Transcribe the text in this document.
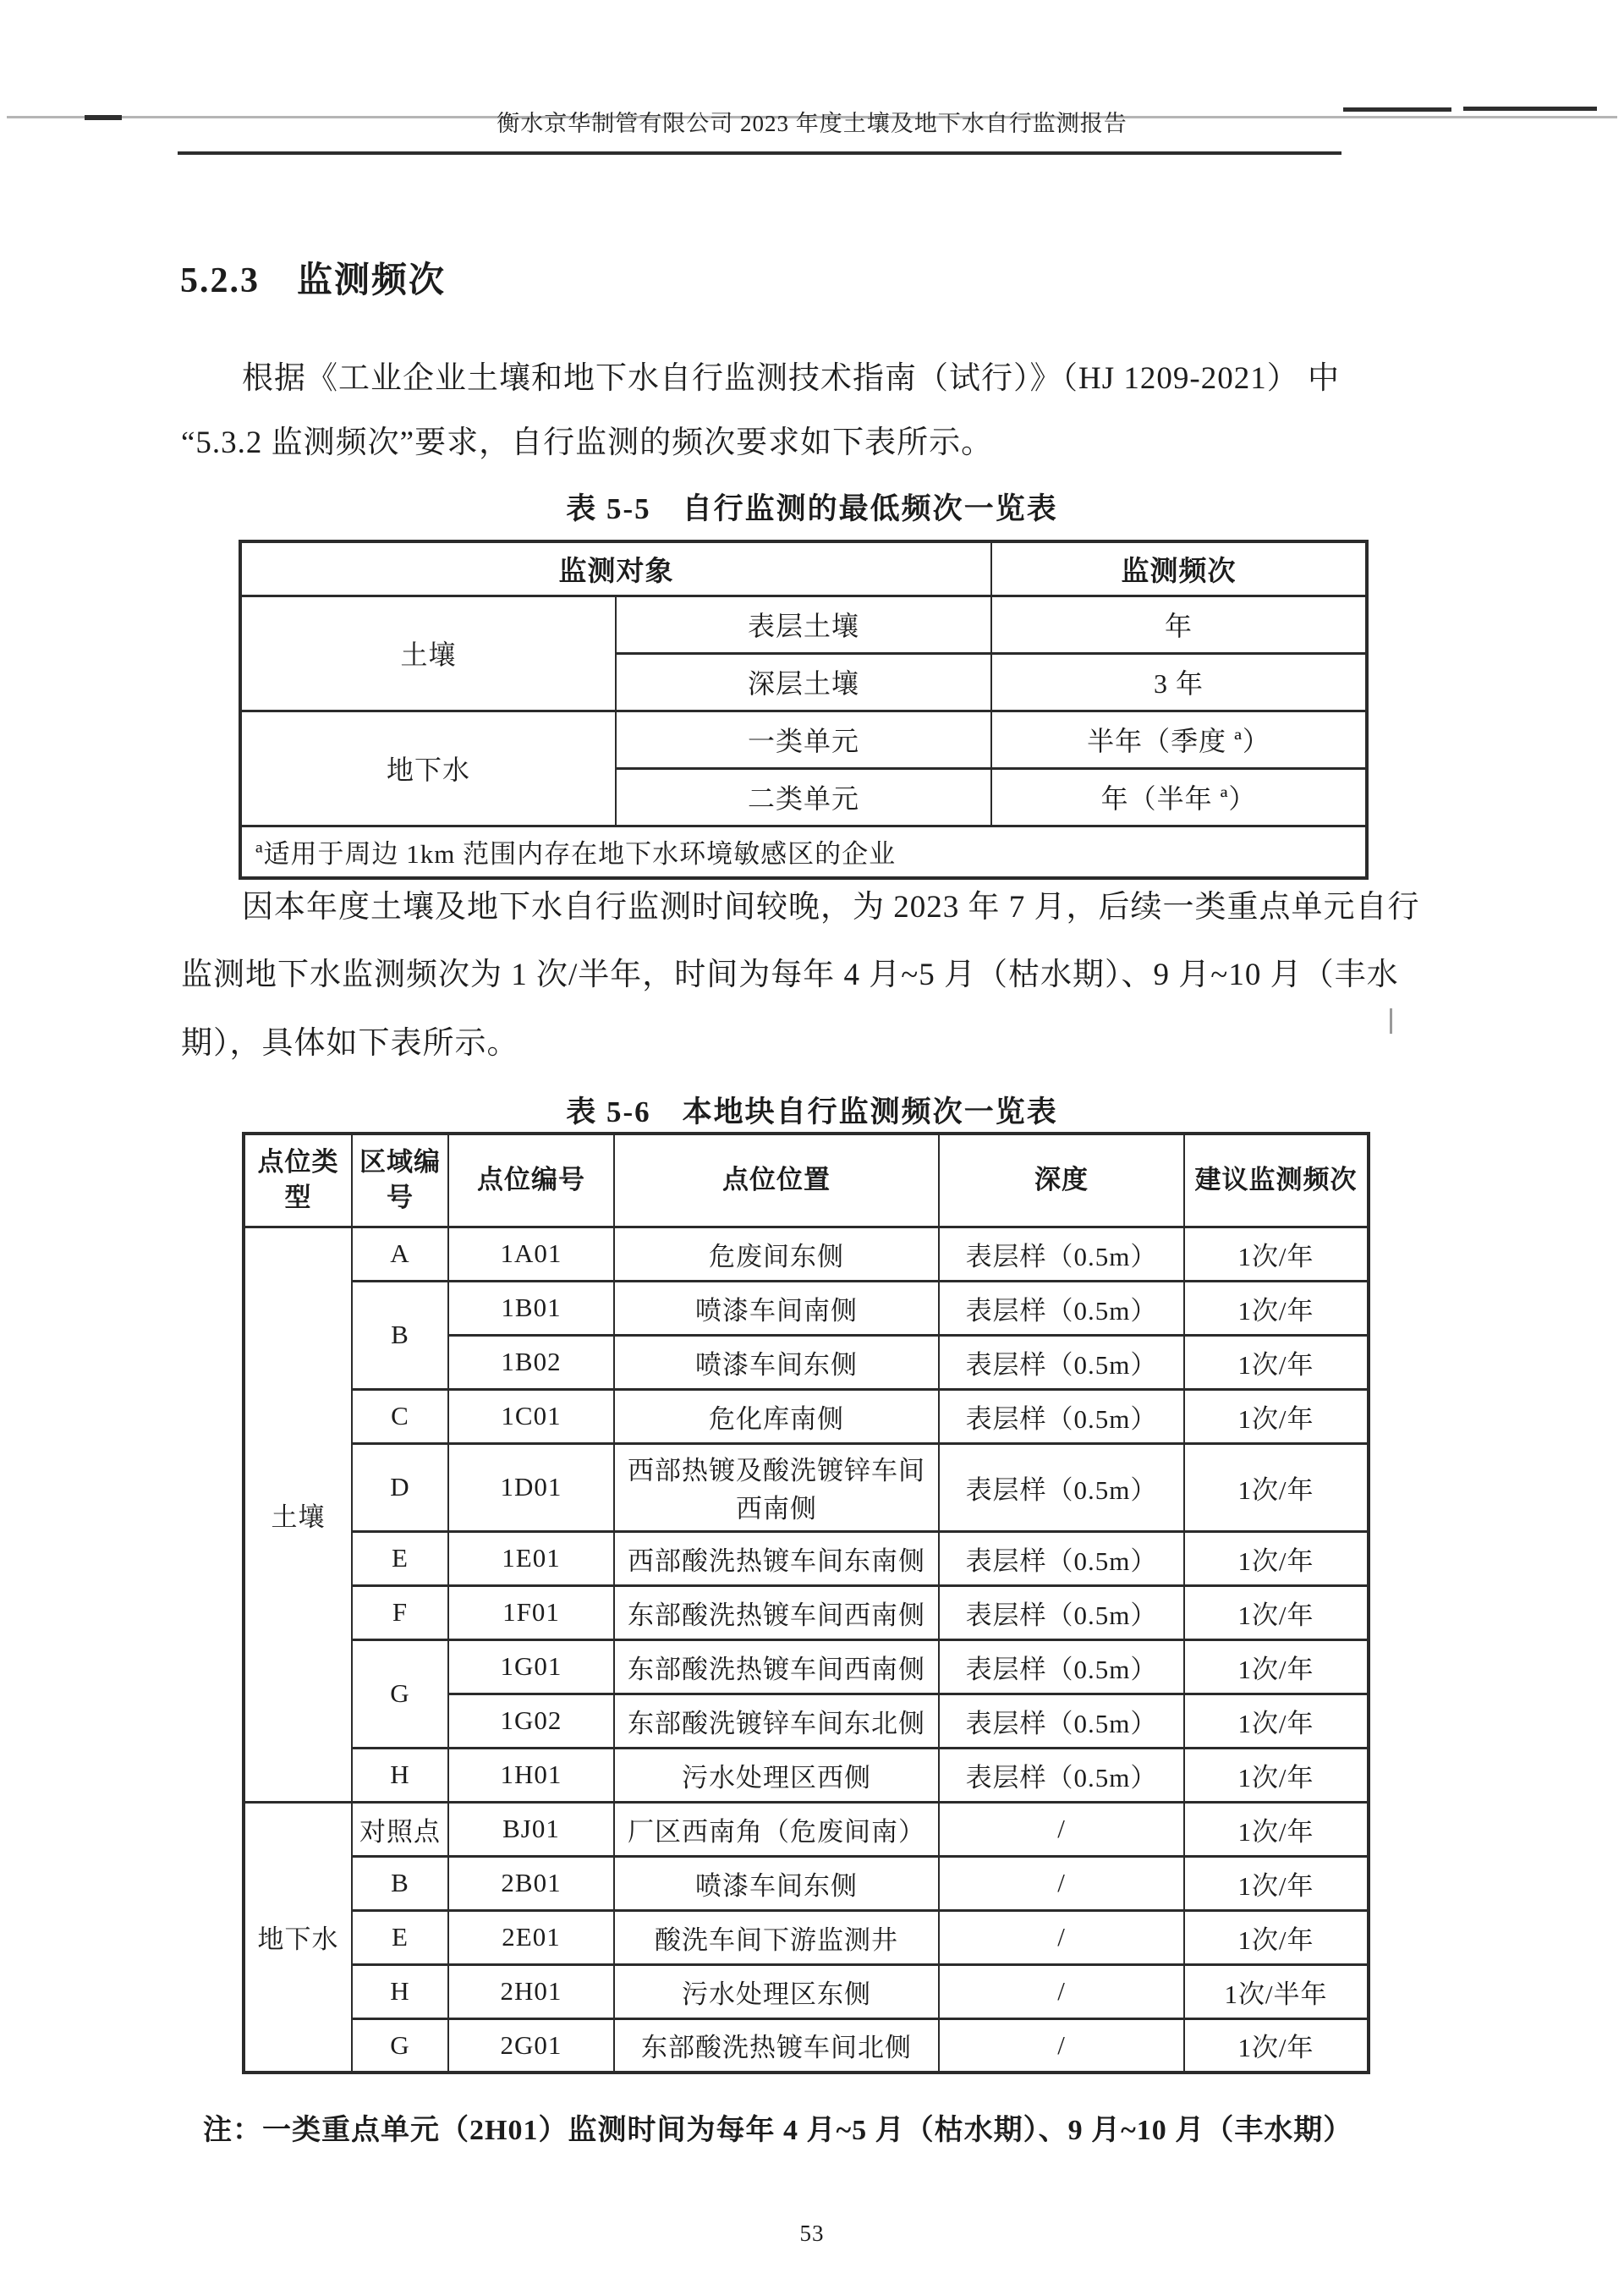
衡水京华制管有限公司 2023 年度土壤及地下水自行监测报告
5.2.3　监测频次
根据《工业企业土壤和地下水自行监测技术指南（试行）》（HJ 1209-2021） 中
“5.3.2 监测频次”要求，自行监测的频次要求如下表所示。
表 5-5　自行监测的最低频次一览表
监测对象		监测频次
土壤	表层土壤	年
	深层土壤	3 年
地下水	一类单元	半年（季度 ª）
	二类单元	年（半年 ª）
ª适用于周边 1km 范围内存在地下水环境敏感区的企业		
因本年度土壤及地下水自行监测时间较晚，为 2023 年 7 月，后续一类重点单元自行
监测地下水监测频次为 1 次/半年，时间为每年 4 月~5 月（枯水期）、9 月~10 月（丰水
期），具体如下表所示。
表 5-6　本地块自行监测频次一览表
点位类型	区域编号	点位编号	点位位置	深度	建议监测频次
土壤	A	1A01	危废间东侧	表层样（0.5m）	1次/年
	B	1B01	喷漆车间南侧	表层样（0.5m）	1次/年
		1B02	喷漆车间东侧	表层样（0.5m）	1次/年
	C	1C01	危化库南侧	表层样（0.5m）	1次/年
	D	1D01	西部热镀及酸洗镀锌车间西南侧	表层样（0.5m）	1次/年
	E	1E01	西部酸洗热镀车间东南侧	表层样（0.5m）	1次/年
	F	1F01	东部酸洗热镀车间西南侧	表层样（0.5m）	1次/年
	G	1G01	东部酸洗热镀车间西南侧	表层样（0.5m）	1次/年
		1G02	东部酸洗镀锌车间东北侧	表层样（0.5m）	1次/年
	H	1H01	污水处理区西侧	表层样（0.5m）	1次/年
地下水	对照点	BJ01	厂区西南角（危废间南）	/	1次/年
	B	2B01	喷漆车间东侧	/	1次/年
	E	2E01	酸洗车间下游监测井	/	1次/年
	H	2H01	污水处理区东侧	/	1次/半年
	G	2G01	东部酸洗热镀车间北侧	/	1次/年
注：一类重点单元（2H01）监测时间为每年 4 月~5 月（枯水期）、9 月~10 月（丰水期）
53
